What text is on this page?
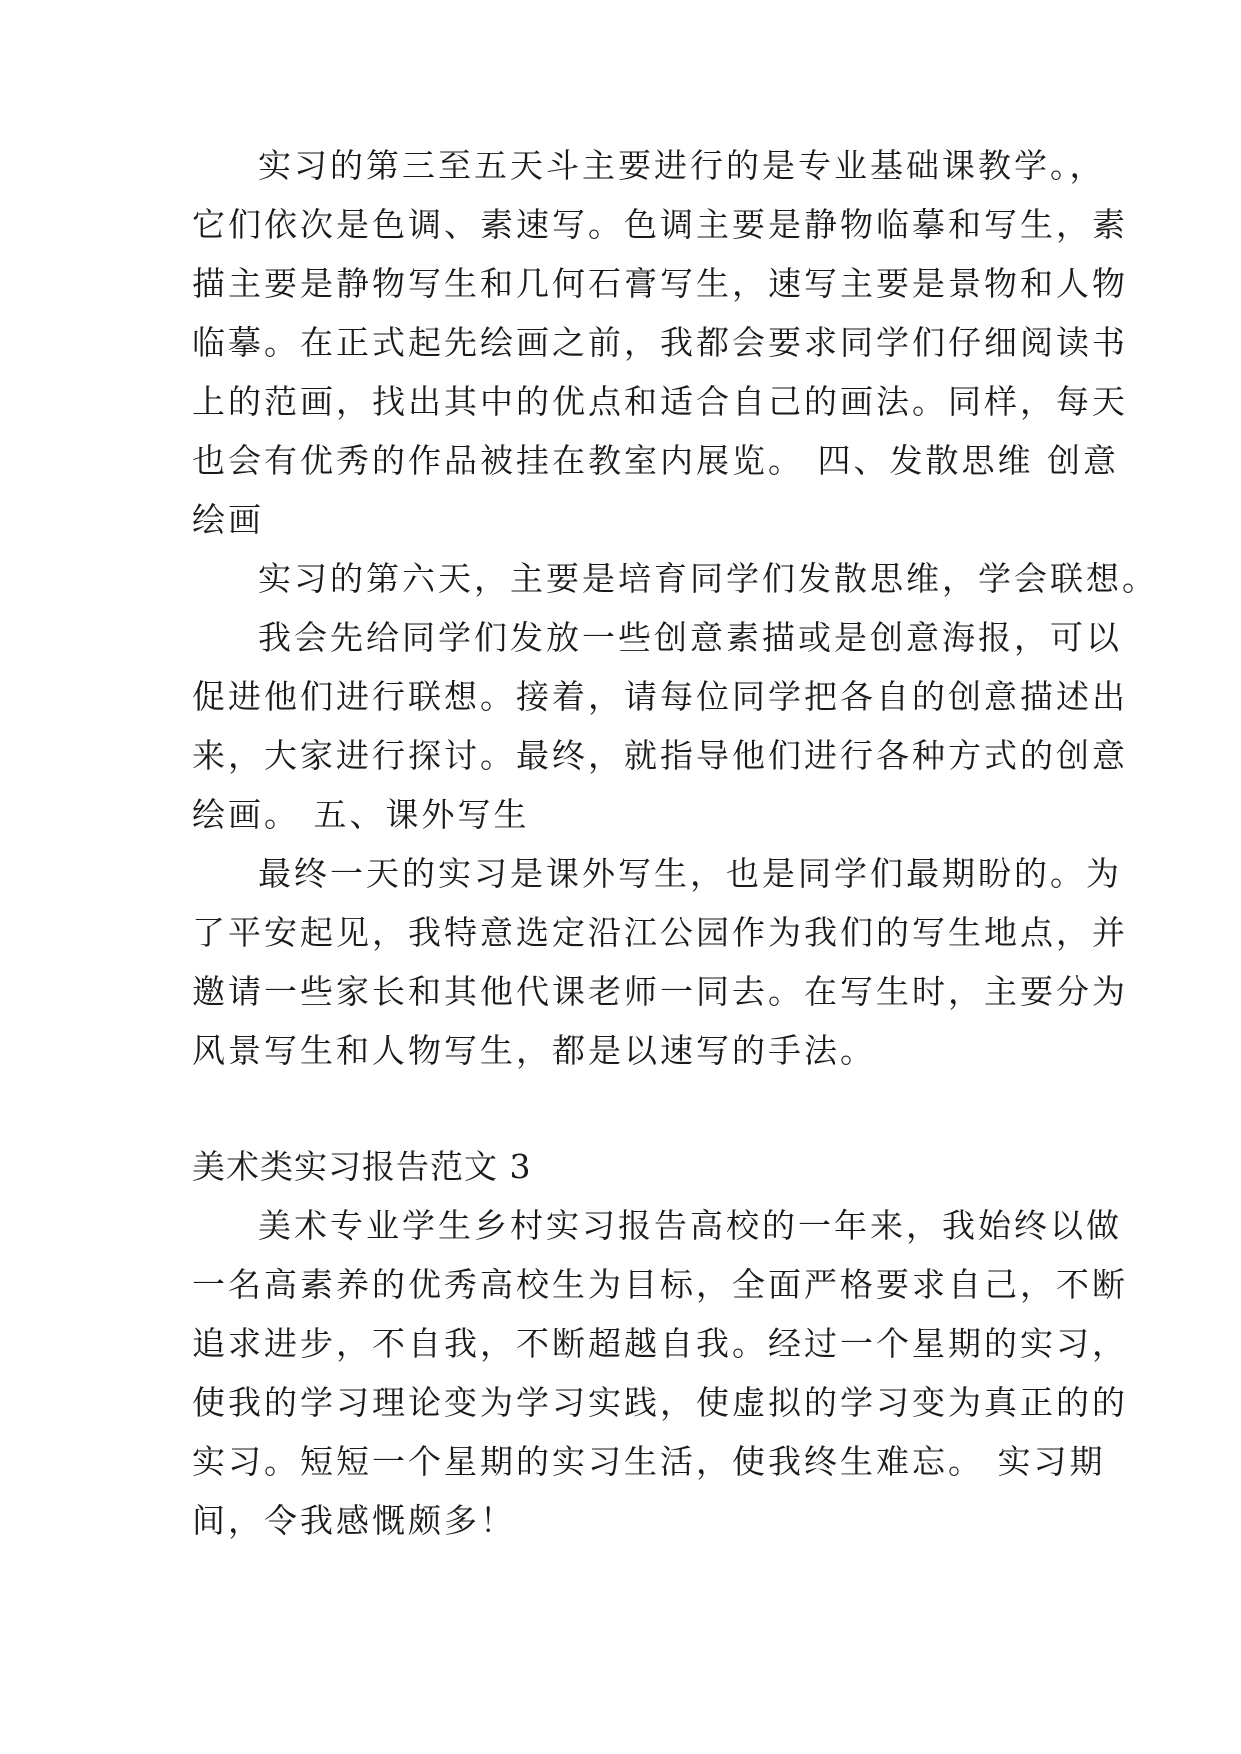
实习的第三至五天斗主要进行的是专业基础课教学。，
它们依次是色调、素速写。色调主要是静物临摹和写生，素
描主要是静物写生和几何石膏写生，速写主要是景物和人物
临摹。在正式起先绘画之前，我都会要求同学们仔细阅读书
上的范画，找出其中的优点和适合自己的画法。同样，每天
也会有优秀的作品被挂在教室内展览。 四、发散思维 创意
绘画
实习的第六天，主要是培育同学们发散思维，学会联想。
我会先给同学们发放一些创意素描或是创意海报，可以
促进他们进行联想。接着，请每位同学把各自的创意描述出
来，大家进行探讨。最终，就指导他们进行各种方式的创意
绘画。 五、课外写生
最终一天的实习是课外写生，也是同学们最期盼的。为
了平安起见，我特意选定沿江公园作为我们的写生地点，并
邀请一些家长和其他代课老师一同去。在写生时，主要分为
风景写生和人物写生，都是以速写的手法。
美术类实习报告范文 3
美术专业学生乡村实习报告高校的一年来，我始终以做
一名高素养的优秀高校生为目标，全面严格要求自己，不断
追求进步，不自我，不断超越自我。经过一个星期的实习，
使我的学习理论变为学习实践，使虚拟的学习变为真正的的
实习。短短一个星期的实习生活，使我终生难忘。 实习期
间，令我感慨颇多！
